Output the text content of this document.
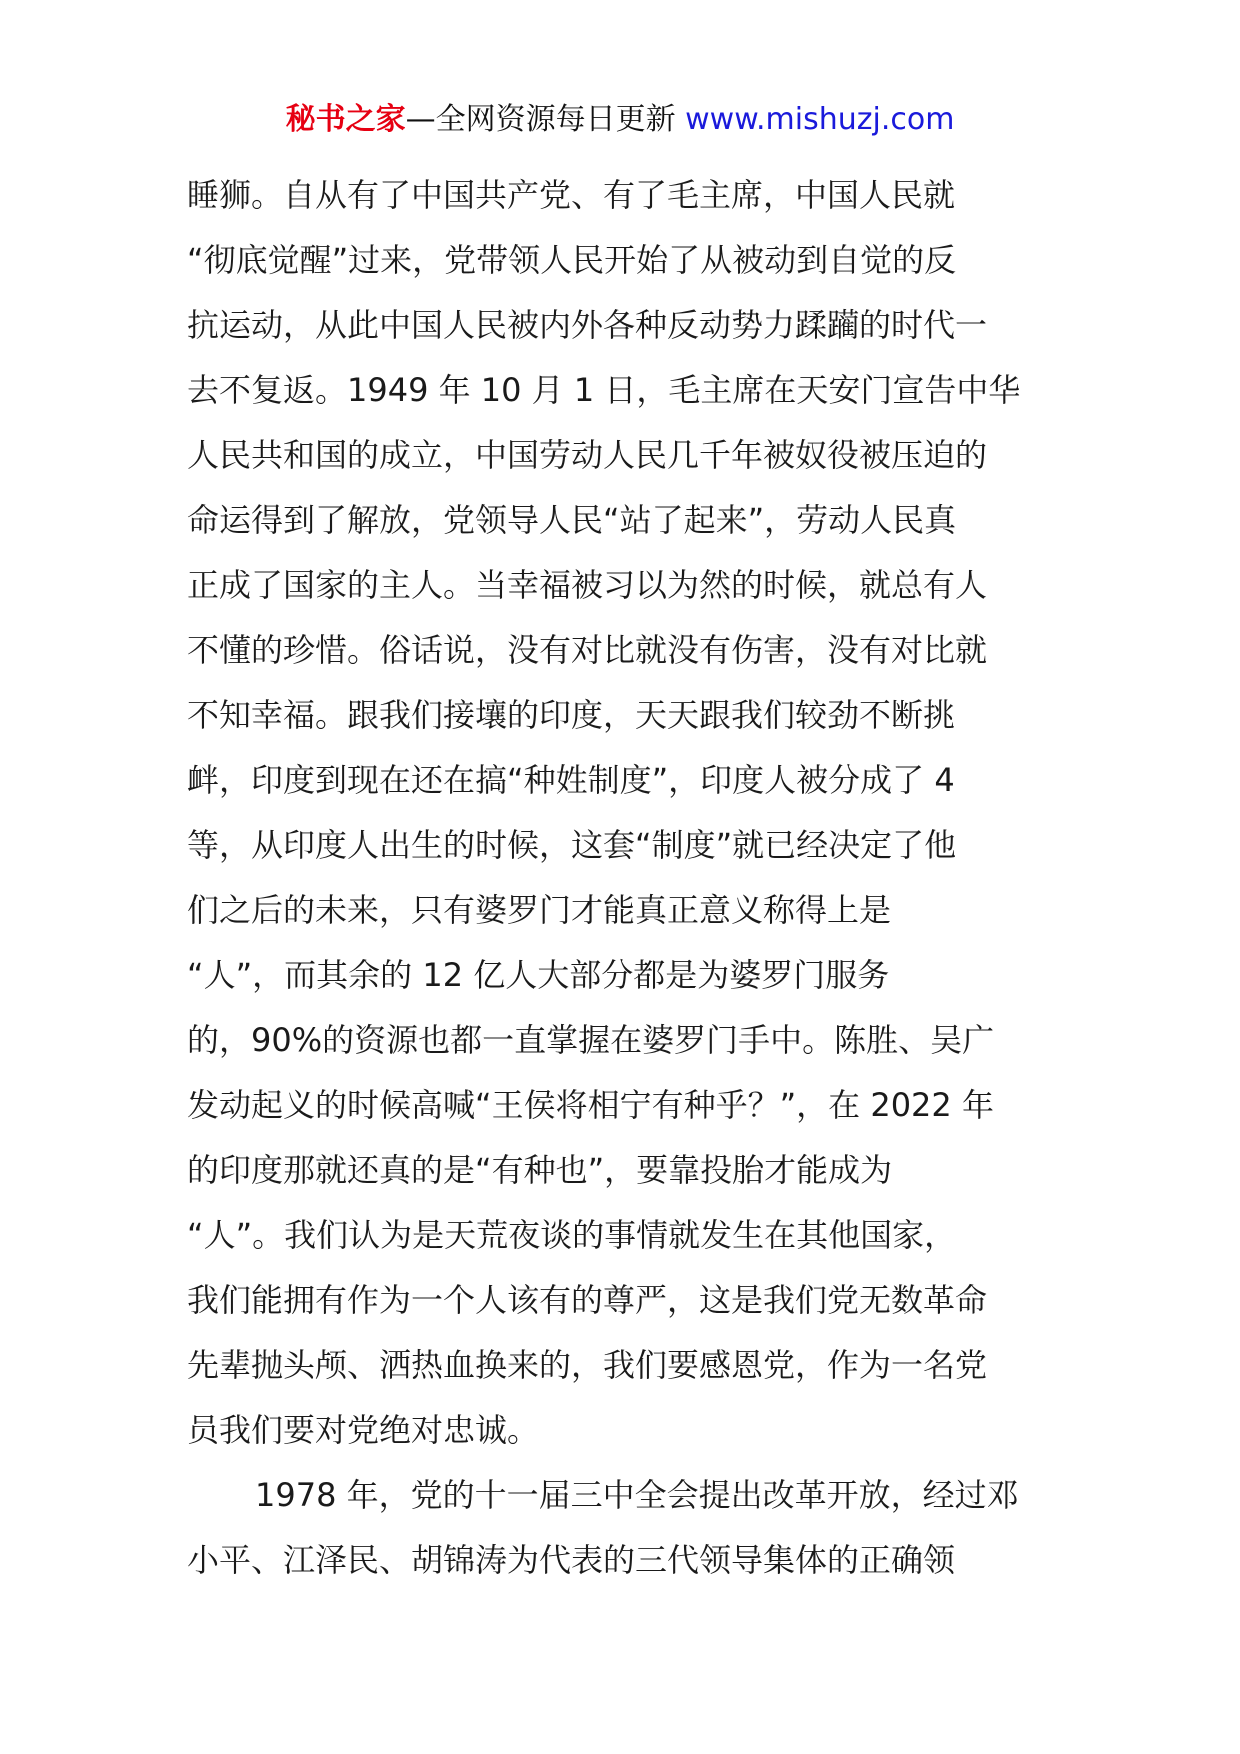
秘书之家—全网资源每日更新 www.mishuzj.com
睡狮。自从有了中国共产党、有了毛主席，中国人民就
“彻底觉醒”过来，党带领人民开始了从被动到自觉的反
抗运动，从此中国人民被内外各种反动势力蹂躏的时代一
去不复返。1949 年 10 月 1 日，毛主席在天安门宣告中华
人民共和国的成立，中国劳动人民几千年被奴役被压迫的
命运得到了解放，党领导人民“站了起来”，劳动人民真
正成了国家的主人。当幸福被习以为然的时候，就总有人
不懂的珍惜。俗话说，没有对比就没有伤害，没有对比就
不知幸福。跟我们接壤的印度，天天跟我们较劲不断挑
衅，印度到现在还在搞“种姓制度”，印度人被分成了 4
等，从印度人出生的时候，这套“制度”就已经决定了他
们之后的未来，只有婆罗门才能真正意义称得上是
“人”，而其余的 12 亿人大部分都是为婆罗门服务
的，90%的资源也都一直掌握在婆罗门手中。陈胜、吴广
发动起义的时候高喊“王侯将相宁有种乎？”，在 2022 年
的印度那就还真的是“有种也”，要靠投胎才能成为
“人”。我们认为是天荒夜谈的事情就发生在其他国家，
我们能拥有作为一个人该有的尊严，这是我们党无数革命
先辈抛头颅、洒热血换来的，我们要感恩党，作为一名党
员我们要对党绝对忠诚。
1978 年，党的十一届三中全会提出改革开放，经过邓
小平、江泽民、胡锦涛为代表的三代领导集体的正确领
